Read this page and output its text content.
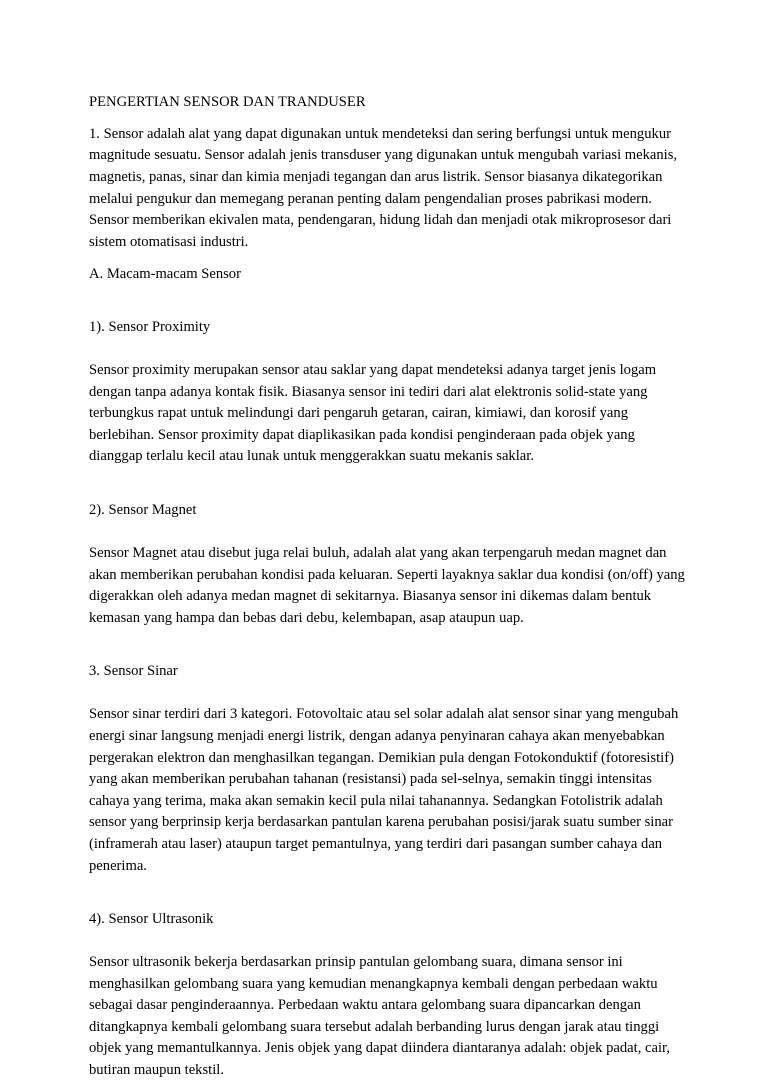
PENGERTIAN SENSOR DAN TRANDUSER

1. Sensor adalah alat yang dapat digunakan untuk mendeteksi dan sering berfungsi untuk mengukur magnitude sesuatu. Sensor adalah jenis transduser yang digunakan untuk mengubah variasi mekanis, magnetis, panas, sinar dan kimia menjadi tegangan dan arus listrik. Sensor biasanya dikategorikan melalui pengukur dan memegang peranan penting dalam pengendalian proses pabrikasi modern. Sensor memberikan ekivalen mata, pendengaran, hidung lidah dan menjadi otak mikroprosesor dari sistem otomatisasi industri.

A. Macam-macam Sensor

1). Sensor Proximity

Sensor proximity merupakan sensor atau saklar yang dapat mendeteksi adanya target jenis logam dengan tanpa adanya kontak fisik. Biasanya sensor ini tediri dari alat elektronis solid-state yang terbungkus rapat untuk melindungi dari pengaruh getaran, cairan, kimiawi, dan korosif yang berlebihan. Sensor proximity dapat diaplikasikan pada kondisi penginderaan pada objek yang dianggap terlalu kecil atau lunak untuk menggerakkan suatu mekanis saklar.

2). Sensor Magnet

Sensor Magnet atau disebut juga relai buluh, adalah alat yang akan terpengaruh medan magnet dan akan memberikan perubahan kondisi pada keluaran. Seperti layaknya saklar dua kondisi (on/off) yang digerakkan oleh adanya medan magnet di sekitarnya. Biasanya sensor ini dikemas dalam bentuk kemasan yang hampa dan bebas dari debu, kelembapan, asap ataupun uap.

3. Sensor Sinar

Sensor sinar terdiri dari 3 kategori. Fotovoltaic atau sel solar adalah alat sensor sinar yang mengubah energi sinar langsung menjadi energi listrik, dengan adanya penyinaran cahaya akan menyebabkan pergerakan elektron dan menghasilkan tegangan. Demikian pula dengan Fotokonduktif (fotoresistif) yang akan memberikan perubahan tahanan (resistansi) pada sel-selnya, semakin tinggi intensitas cahaya yang terima, maka akan semakin kecil pula nilai tahanannya. Sedangkan Fotolistrik adalah sensor yang berprinsip kerja berdasarkan pantulan karena perubahan posisi/jarak suatu sumber sinar (inframerah atau laser) ataupun target pemantulnya, yang terdiri dari pasangan sumber cahaya dan penerima.

4). Sensor Ultrasonik

Sensor ultrasonik bekerja berdasarkan prinsip pantulan gelombang suara, dimana sensor ini menghasilkan gelombang suara yang kemudian menangkapnya kembali dengan perbedaan waktu sebagai dasar penginderaannya. Perbedaan waktu antara gelombang suara dipancarkan dengan ditangkapnya kembali gelombang suara tersebut adalah berbanding lurus dengan jarak atau tinggi objek yang memantulkannya. Jenis objek yang dapat diindera diantaranya adalah: objek padat, cair, butiran maupun tekstil.
